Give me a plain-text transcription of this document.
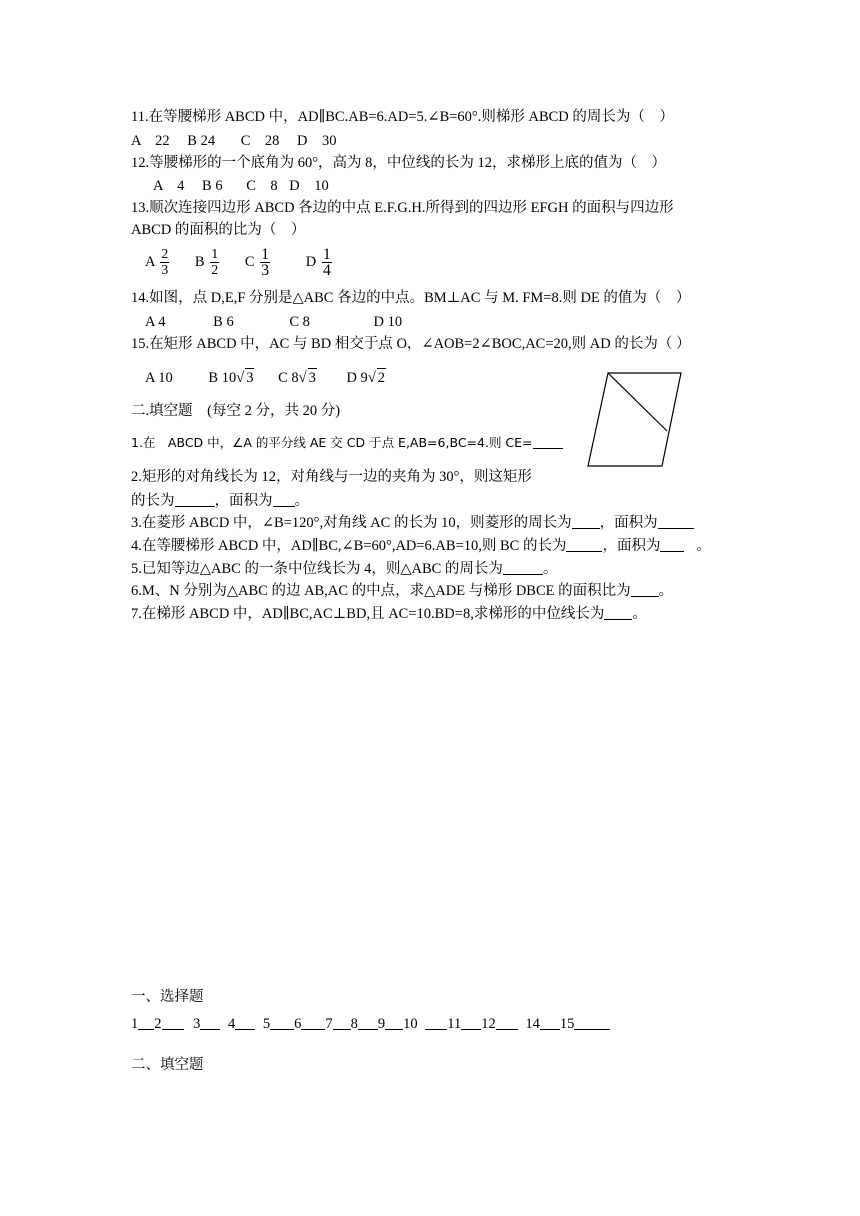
11.在等腰梯形 ABCD 中，AD∥BC.AB=6.AD=5.∠B=60°.则梯形 ABCD 的周长为（　）
A　22 B 24 C　28 D　30
12.等腰梯形的一个底角为 60°，高为 8，中位线的长为 12，求梯形上底的值为（　）
A　4 B 6 C　8 D　10
13.顺次连接四边形 ABCD 各边的中点 E.F.G.H.所得到的四边形 EFGH 的面积与四边形
ABCD 的面积的比为（　）
A $\frac{2}{3}$ B $\frac{1}{2}$ C $\frac{1}{3}$ D $\frac{1}{4}$
14.如图，点 D,E,F 分别是△ABC 各边的中点。BM⊥AC 与 M. FM=8.则 DE 的值为（　）
A 4	B 6	C 8	D 10
15.在矩形 ABCD 中，AC 与 BD 相交于点 O，∠AOB=2∠BOC,AC=20,则 AD 的长为（ ）
A 10 B 10√ 3 C 8√ 3 D 9√ 2
二.填空题　(每空 2 分，共 20 分)
1.在　ABCD 中，∠A 的平分线 AE 交 CD 于点 E,AB=6,BC=4.则 CE=
2.矩形的对角线长为 12，对角线与一边的夹角为 30°，则这矩形
的长为	，面积为 。
3.在菱形 ABCD 中，∠B=120°,对角线 AC 的长为 10，则菱形的周长为 ，面积为
4.在等腰梯形 ABCD 中，AD∥BC,∠B=60°,AD=6.AB=10,则 BC 的长为 ，面积为 。
5.已知等边△ABC 的一条中位线长为 4，则△ABC 的周长为	。
6.M、N 分别为△ABC 的边 AB,AC 的中点，求△ADE 与梯形 DBCE 的面积比为 。
7.在梯形 ABCD 中，AD∥BC,AC⊥BD,且 AC=10.BD=8,求梯形的中位线长为 。
一、选择题
1 2 3 4 5 6 7 8 9 10 11 12 14 15
二、填空题
